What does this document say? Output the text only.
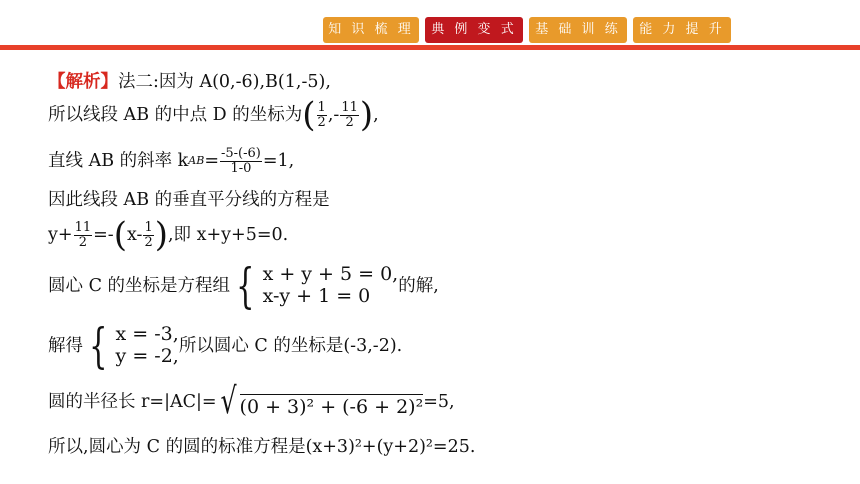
知 识 梳 理	典 例 变 式	基 础 训 练	能 力 提 升
【解析】 法二:因为 A(0,-6),B(1,-5),
所以线段 AB 的中点 D 的坐标为 ( $\frac{1}{2}$ ,- $\frac{11}{2}$ ) ,
直线 AB 的斜率 k AB = $\frac{-5-(-6)}{1-0} =1$,
因此线段 AB 的垂直平分线的方程是
$y+ \frac{11}{2}$ =- ( $x- \frac{1}{2}$ ) ,即 x+y+5=0.
圆心 C 的坐标是方程组 { x + y + 5 = 0,
x-y + 1 = 0	的解,
解得 { x = -3,
y = -2, 所以圆心 C 的坐标是(-3,-2).
圆的半径长 r=|AC|= √ (0 + 3)² + (-6 + 2)² =5,
所以,圆心为 C 的圆的标准方程是(x+3)²+(y+2)²=25.
